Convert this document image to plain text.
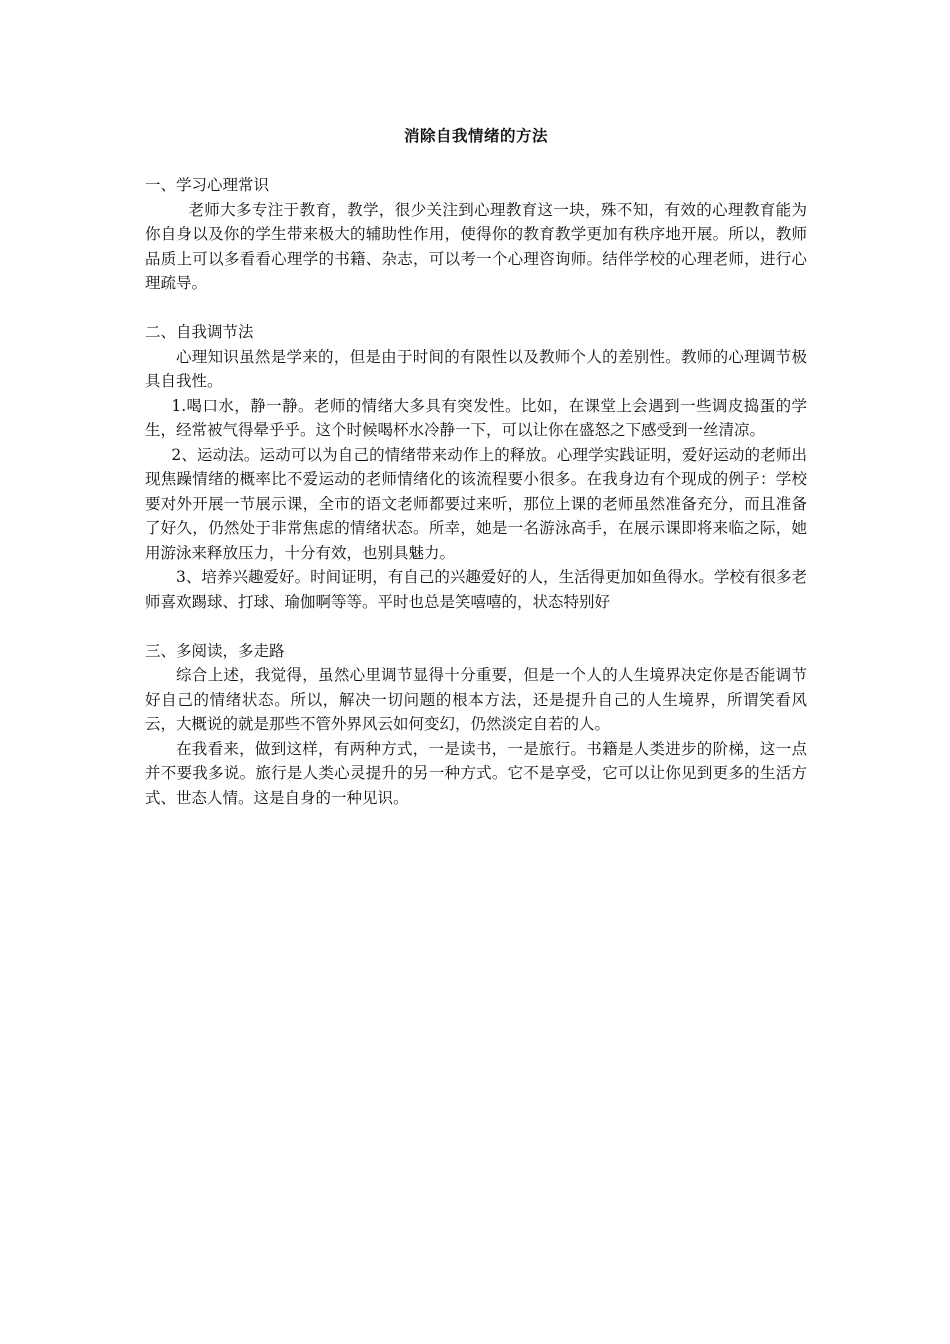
消除自我情绪的方法

一、学习心理常识

老师大多专注于教育，教学，很少关注到心理教育这一块，殊不知，有效的心理教育能为你自身以及你的学生带来极大的辅助性作用，使得你的教育教学更加有秩序地开展。所以，教师品质上可以多看看心理学的书籍、杂志，可以考一个心理咨询师。结伴学校的心理老师，进行心理疏导。

二、自我调节法

心理知识虽然是学来的，但是由于时间的有限性以及教师个人的差别性。教师的心理调节极具自我性。

1.喝口水，静一静。老师的情绪大多具有突发性。比如，在课堂上会遇到一些调皮捣蛋的学生，经常被气得晕乎乎。这个时候喝杯水冷静一下，可以让你在盛怒之下感受到一丝清凉。

2、运动法。运动可以为自己的情绪带来动作上的释放。心理学实践证明，爱好运动的老师出现焦躁情绪的概率比不爱运动的老师情绪化的该流程要小很多。在我身边有个现成的例子：学校要对外开展一节展示课，全市的语文老师都要过来听，那位上课的老师虽然准备充分，而且准备了好久，仍然处于非常焦虑的情绪状态。所幸，她是一名游泳高手，在展示课即将来临之际，她用游泳来释放压力，十分有效，也别具魅力。

3、培养兴趣爱好。时间证明，有自己的兴趣爱好的人，生活得更加如鱼得水。学校有很多老师喜欢踢球、打球、瑜伽啊等等。平时也总是笑嘻嘻的，状态特别好

三、多阅读，多走路

综合上述，我觉得，虽然心里调节显得十分重要，但是一个人的人生境界决定你是否能调节好自己的情绪状态。所以，解决一切问题的根本方法，还是提升自己的人生境界，所谓笑看风云，大概说的就是那些不管外界风云如何变幻，仍然淡定自若的人。

在我看来，做到这样，有两种方式，一是读书，一是旅行。书籍是人类进步的阶梯，这一点并不要我多说。旅行是人类心灵提升的另一种方式。它不是享受，它可以让你见到更多的生活方式、世态人情。这是自身的一种见识。
